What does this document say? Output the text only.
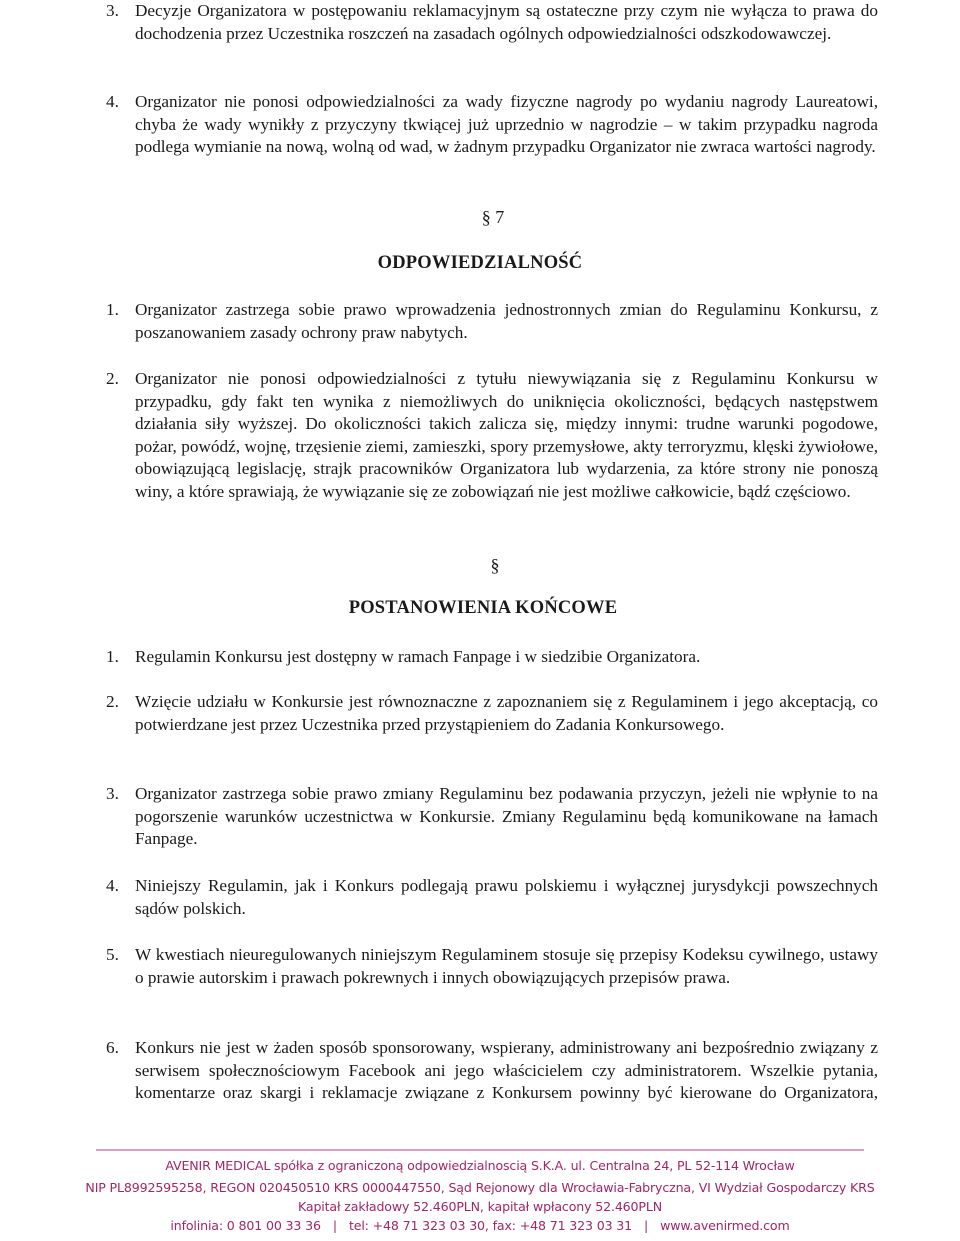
3. Decyzje Organizatora w postępowaniu reklamacyjnym są ostateczne przy czym nie wyłącza to prawa do dochodzenia przez Uczestnika roszczeń na zasadach ogólnych odpowiedzialności odszkodowawczej.
4. Organizator nie ponosi odpowiedzialności za wady fizyczne nagrody po wydaniu nagrody Laureatowi, chyba że wady wynikły z przyczyny tkwiącej już uprzednio w nagrodzie – w takim przypadku nagroda podlega wymianie na nową, wolną od wad, w żadnym przypadku Organizator nie zwraca wartości nagrody.
§ 7
ODPOWIEDZIALNOŚĆ
1. Organizator zastrzega sobie prawo wprowadzenia jednostronnych zmian do Regulaminu Konkursu, z poszanowaniem zasady ochrony praw nabytych.
2. Organizator nie ponosi odpowiedzialności z tytułu niewywiązania się z Regulaminu Konkursu w przypadku, gdy fakt ten wynika z niemożliwych do uniknięcia okoliczności, będących następstwem działania siły wyższej. Do okoliczności takich zalicza się, między innymi: trudne warunki pogodowe, pożar, powódź, wojnę, trzęsienie ziemi, zamieszki, spory przemysłowe, akty terroryzmu, klęski żywiołowe, obowiązującą legislację, strajk pracowników Organizatora lub wydarzenia, za które strony nie ponoszą winy, a które sprawiają, że wywiązanie się ze zobowiązań nie jest możliwe całkowicie, bądź częściowo.
§
POSTANOWIENIA KOŃCOWE
1. Regulamin Konkursu jest dostępny w ramach Fanpage i w siedzibie Organizatora.
2. Wzięcie udziału w Konkursie jest równoznaczne z zapoznaniem się z Regulaminem i jego akceptacją, co potwierdzane jest przez Uczestnika przed przystąpieniem do Zadania Konkursowego.
3. Organizator zastrzega sobie prawo zmiany Regulaminu bez podawania przyczyn, jeżeli nie wpłynie to na pogorszenie warunków uczestnictwa w Konkursie. Zmiany Regulaminu będą komunikowane na łamach Fanpage.
4. Niniejszy Regulamin, jak i Konkurs podlegają prawu polskiemu i wyłącznej jurysdykcji powszechnych sądów polskich.
5. W kwestiach nieuregulowanych niniejszym Regulaminem stosuje się przepisy Kodeksu cywilnego, ustawy o prawie autorskim i prawach pokrewnych i innych obowiązujących przepisów prawa.
6. Konkurs nie jest w żaden sposób sponsorowany, wspierany, administrowany ani bezpośrednio związany z serwisem społecznościowym Facebook ani jego właścicielem czy administratorem. Wszelkie pytania, komentarze oraz skargi i reklamacje związane z Konkursem powinny być kierowane do Organizatora,
AVENIR MEDICAL spółka z ograniczoną odpowiedzialnoscią S.K.A. ul. Centralna 24, PL 52-114 Wrocław
NIP PL8992595258, REGON 020450510 KRS 0000447550, Sąd Rejonowy dla Wrocławia-Fabryczna, VI Wydział Gospodarczy KRS
Kapitał zakładowy 52.460PLN, kapitał wpłacony 52.460PLN
infolinia: 0 801 00 33 36 | tel: +48 71 323 03 30, fax: +48 71 323 03 31 | www.avenirmed.com
